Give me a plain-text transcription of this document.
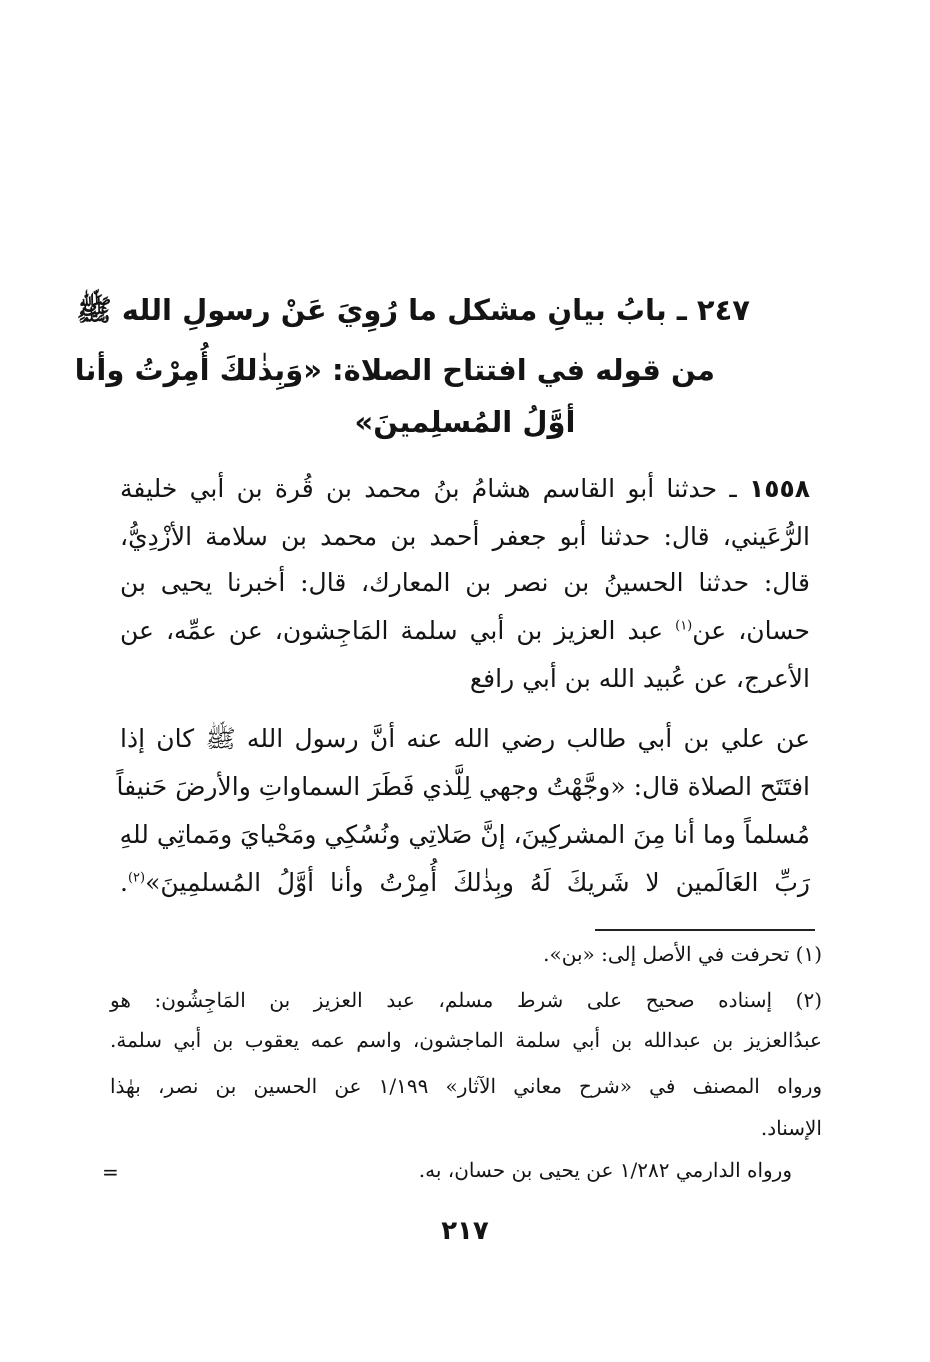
٢٤٧ ـ بابُ بيانِ مشكل ما رُوِيَ عَنْ رسولِ الله ﷺ
من قوله في افتتاح الصلاة: «وَبِذٰلكَ أُمِرْتُ وأنا
أوَّلُ المُسلِمينَ»
١٥٥٨ ـ حدثنا أبو القاسم هشامُ بنُ محمد بن قُرة بن أبي خليفة
الرُّعَيني، قال: حدثنا أبو جعفر أحمد بن محمد بن سلامة الأزْدِيُّ،
قال: حدثنا الحسينُ بن نصر بن المعارك، قال: أخبرنا يحيى بن
حسان، عن$^{(١)}$ عبد العزيز بن أبي سلمة المَاجِشون، عن عمِّه، عن
الأعرج، عن عُبيد الله بن أبي رافع
عن علي بن أبي طالب رضي الله عنه أنَّ رسول الله ﷺ كان إذا
افتَتَح الصلاة قال: «وجَّهْتُ وجهي لِلَّذي فَطَرَ السماواتِ والأرضَ حَنيفاً
مُسلماً وما أنا مِنَ المشركِينَ، إنَّ صَلاتِي ونُسُكِي ومَحْيايَ ومَماتِي للهِ
رَبِّ العَالَمين لا شَريكَ لَهُ وبِذٰلكَ أُمِرْتُ وأنا أوَّلُ المُسلمِينَ»$^{(٢)}$.
(١) تحرفت في الأصل إلى: «بن».
(٢) إسناده صحيح على شرط مسلم، عبد العزيز بن المَاجِشُون: هو
عبدُالعزيز بن عبدالله بن أبي سلمة الماجشون، واسم عمه يعقوب بن أبي سلمة.
ورواه المصنف في «شرح معاني الآثار» ١/١٩٩ عن الحسين بن نصر، بهٰذا
الإسناد.
ورواه الدارمي ١/٢٨٢ عن يحيى بن حسان، به.
=
٢١٧
